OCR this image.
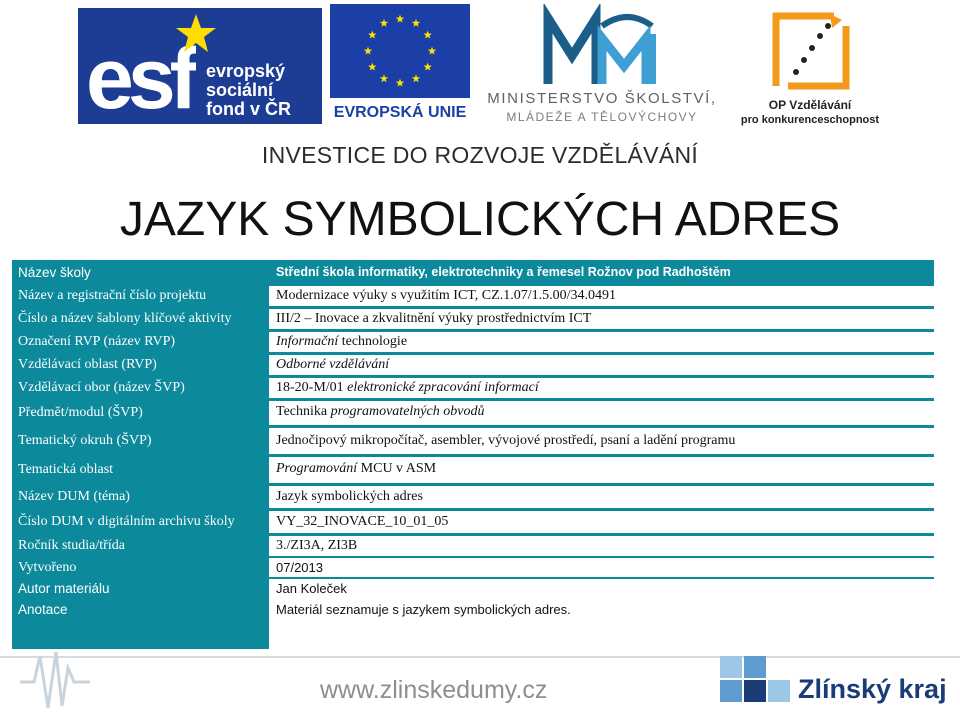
esf evropský
sociální
fond v ČR	EVROPSKÁ UNIE
MINISTERSTVO ŠKOLSTVÍ,
MLÁDEŽE A TĚLOVÝCHOVY
OP Vzdělávání
pro konkurenceschopnost
INVESTICE DO ROZVOJE VZDĚLÁVÁNÍ
JAZYK SYMBOLICKÝCH ADRES
Název školy	Střední škola informatiky, elektrotechniky a řemesel Rožnov pod Radhoštěm
Název a registrační číslo projektu	Modernizace výuky s využitím ICT, CZ.1.07/1.5.00/34.0491
Číslo a název šablony klíčové aktivity	III/2 – Inovace a zkvalitnění výuky prostřednictvím ICT
Označení RVP (název RVP)	Informační technologie
Vzdělávací oblast (RVP)	Odborné vzdělávání
Vzdělávací obor (název ŠVP)	18-20-M/01 elektronické zpracování informací
Předmět/modul (ŠVP)	Technika programovatelných obvodů
Tematický okruh (ŠVP)	Jednočipový mikropočítač, asembler, vývojové prostředí, psaní a ladění programu
Tematická oblast	Programování MCU v ASM
Název DUM (téma)	Jazyk symbolických adres
Číslo DUM v digitálním archivu školy	VY_32_INOVACE_10_01_05
Ročník studia/třída	3./ZI3A, ZI3B
Vytvořeno	07/2013
Autor materiálu	Jan Koleček
Anotace	Materiál seznamuje s jazykem symbolických adres.
www.zlinskedumy.cz	Zlínský kraj
